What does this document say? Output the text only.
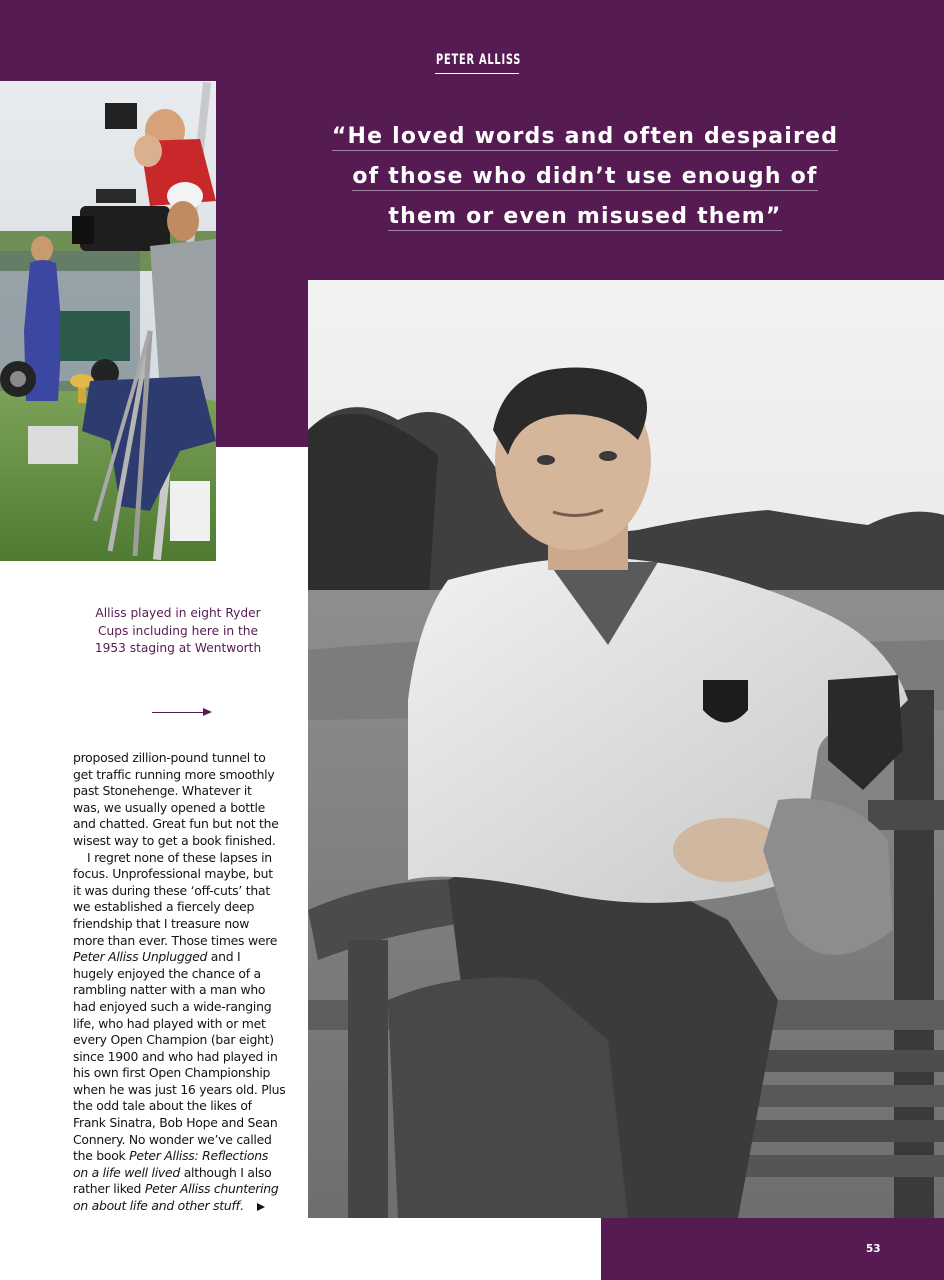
PETER ALLISS
“He loved words and often despaired
of those who didn’t use enough of
them or even misused them”
Alliss played in eight Ryder
Cups including here in the
1953 staging at Wentworth

proposed zillion-pound tunnel to
get traffic running more smoothly
past Stonehenge. Whatever it
was, we usually opened a bottle
and chatted. Great fun but not the
wisest way to get a book finished.

I regret none of these lapses in
focus. Unprofessional maybe, but
it was during these ‘off-cuts’ that
we established a fiercely deep
friendship that I treasure now
more than ever. Those times were
Peter Alliss Unplugged and I
hugely enjoyed the chance of a
rambling natter with a man who
had enjoyed such a wide-ranging
life, who had played with or met
every Open Champion (bar eight)
since 1900 and who had played in
his own first Open Championship
when he was just 16 years old. Plus
the odd tale about the likes of
Frank Sinatra, Bob Hope and Sean
Connery. No wonder we’ve called
the book Peter Alliss: Reflections
on a life well lived although I also
rather liked Peter Alliss chuntering
on about life and other stuff.

53
